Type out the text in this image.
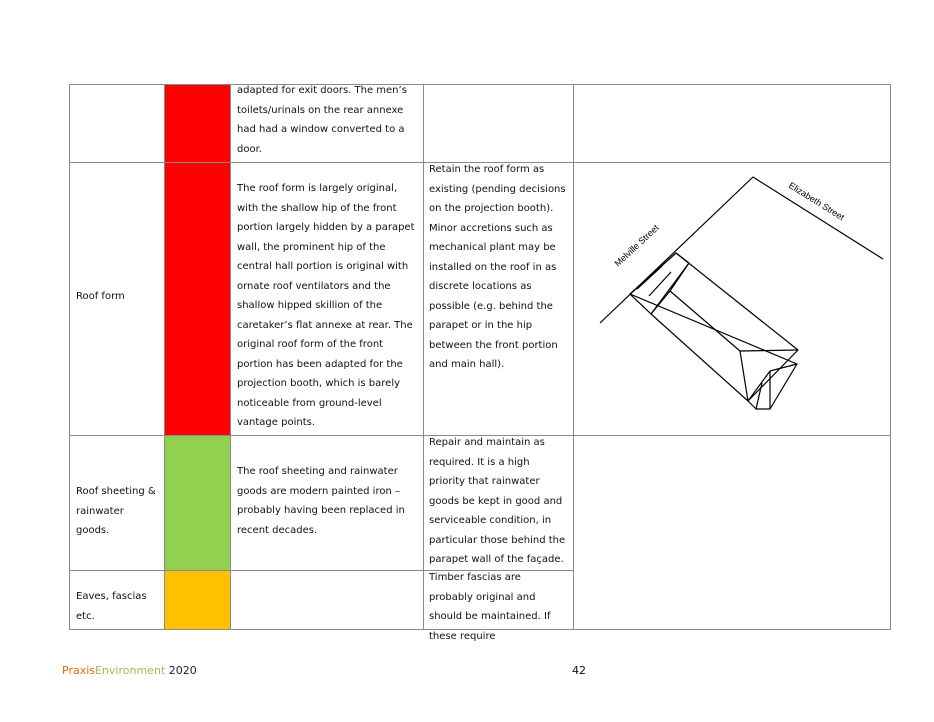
adapted for exit doors. The men’s toilets/urinals on the rear annexe had had a window converted to a door.
Roof form
The roof form is largely original, with the shallow hip of the front portion largely hidden by a parapet wall, the prominent hip of the central hall portion is original with ornate roof ventilators and the shallow hipped skillion of the caretaker’s flat annexe at rear. The original roof form of the front portion has been adapted for the projection booth, which is barely noticeable from ground-level vantage points.
Retain the roof form as existing (pending decisions on the projection booth). Minor accretions such as mechanical plant may be installed on the roof in as discrete locations as possible (e.g. behind the parapet or in the hip between the front portion and main hall).
Melville Street
Elizabeth Street
Roof sheeting & rainwater goods.
The roof sheeting and rainwater goods are modern painted iron – probably having been replaced in recent decades.
Repair and maintain as required. It is a high priority that rainwater goods be kept in good and serviceable condition, in particular those behind the parapet wall of the façade.
Eaves, fascias etc.
Timber fascias are probably original and should be maintained. If these require
PraxisEnvironment 2020	42
